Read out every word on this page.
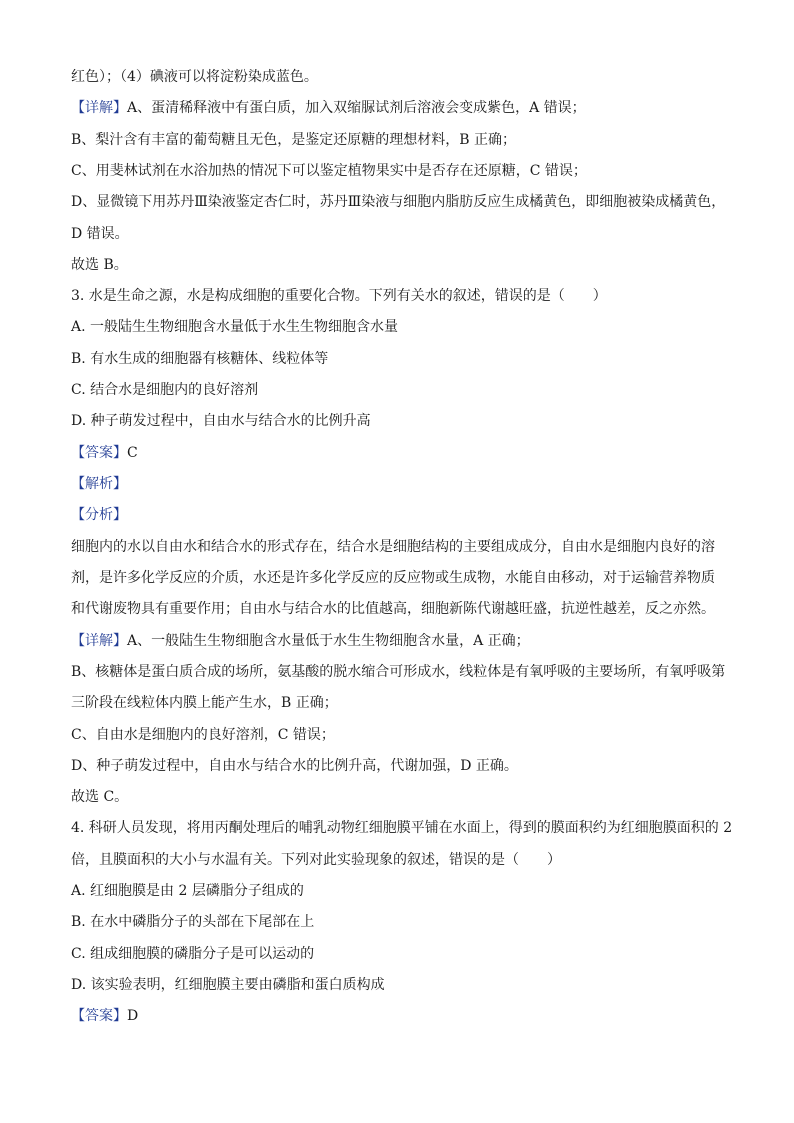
红色）；（4）碘液可以将淀粉染成蓝色。
【详解】A、蛋清稀释液中有蛋白质，加入双缩脲试剂后溶液会变成紫色，A 错误；
B、梨汁含有丰富的葡萄糖且无色，是鉴定还原糖的理想材料，B 正确；
C、用斐林试剂在水浴加热的情况下可以鉴定植物果实中是否存在还原糖，C 错误；
D、显微镜下用苏丹Ⅲ染液鉴定杏仁时，苏丹Ⅲ染液与细胞内脂肪反应生成橘黄色，即细胞被染成橘黄色，
D 错误。
故选 B。
3. 水是生命之源，水是构成细胞的重要化合物。下列有关水的叙述，错误的是（　　）
A. 一般陆生生物细胞含水量低于水生生物细胞含水量
B. 有水生成的细胞器有核糖体、线粒体等
C. 结合水是细胞内的良好溶剂
D. 种子萌发过程中，自由水与结合水的比例升高
【答案】C
【解析】
【分析】
细胞内的水以自由水和结合水的形式存在，结合水是细胞结构的主要组成成分，自由水是细胞内良好的溶
剂，是许多化学反应的介质，水还是许多化学反应的反应物或生成物，水能自由移动，对于运输营养物质
和代谢废物具有重要作用；自由水与结合水的比值越高，细胞新陈代谢越旺盛，抗逆性越差，反之亦然。
【详解】A、一般陆生生物细胞含水量低于水生生物细胞含水量，A 正确；
B、核糖体是蛋白质合成的场所，氨基酸的脱水缩合可形成水，线粒体是有氧呼吸的主要场所，有氧呼吸第
三阶段在线粒体内膜上能产生水，B 正确；
C、自由水是细胞内的良好溶剂，C 错误；
D、种子萌发过程中，自由水与结合水的比例升高，代谢加强，D 正确。
故选 C。
4. 科研人员发现，将用丙酮处理后的哺乳动物红细胞膜平铺在水面上，得到的膜面积约为红细胞膜面积的 2
倍，且膜面积的大小与水温有关。下列对此实验现象的叙述，错误的是（　　）
A. 红细胞膜是由 2 层磷脂分子组成的
B. 在水中磷脂分子的头部在下尾部在上
C. 组成细胞膜的磷脂分子是可以运动的
D. 该实验表明，红细胞膜主要由磷脂和蛋白质构成
【答案】D
